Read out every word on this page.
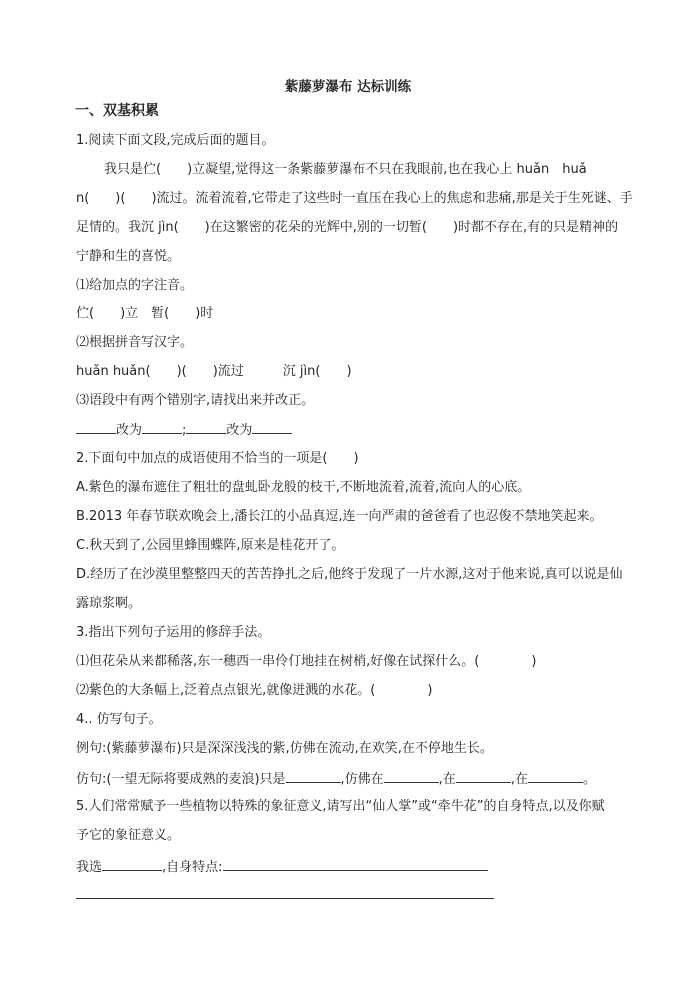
紫藤萝瀑布 达标训练
一、双基积累
1.阅读下面文段,完成后面的题目。
我只是伫(　　)立凝望,觉得这一条紫藤萝瀑布不只在我眼前,也在我心上 huǎn　huǎ
n(　　)(　　)流过。流着流着,它带走了这些时一直压在我心上的焦虑和悲痛,那是关于生死谜、手
足情的。我沉 jìn(　　)在这繁密的花朵的光辉中,别的一切暂(　　)时都不存在,有的只是精神的
宁静和生的喜悦。
⑴给加点的字注音。
伫(　　)立　暂(　　)时
⑵根据拼音写汉字。
huǎn huǎn(　　)(　　)流过　　　沉 jìn(　　)
⑶语段中有两个错别字,请找出来并改正。
改为	;	改为
2.下面句中加点的成语使用不恰当的一项是(　　)
A.紫色的瀑布遮住了粗壮的盘虬卧龙般的枝干,不断地流着,流着,流向人的心底。
B.2013 年春节联欢晚会上,潘长江的小品真逗,连一向严肃的爸爸看了也忍俊不禁地笑起来。
C.秋天到了,公园里蜂围蝶阵,原来是桂花开了。
D.经历了在沙漠里整整四天的苦苦挣扎之后,他终于发现了一片水源,这对于他来说,真可以说是仙
露琼浆啊。
3.指出下列句子运用的修辞手法。
⑴但花朵从来都稀落,东一穗西一串伶仃地挂在树梢,好像在试探什么。(　　　　)
⑵紫色的大条幅上,泛着点点银光,就像迸溅的水花。(　　　　)
4.. 仿写句子。
例句:(紫藤萝瀑布)只是深深浅浅的紫,仿佛在流动,在欢笑,在不停地生长。
仿句:(一望无际将要成熟的麦浪)只是	,仿佛在	,在	,在	。
5.人们常常赋予一些植物以特殊的象征意义,请写出“仙人掌”或“牵牛花”的自身特点,以及你赋
予它的象征意义。
我选	,自身特点:
